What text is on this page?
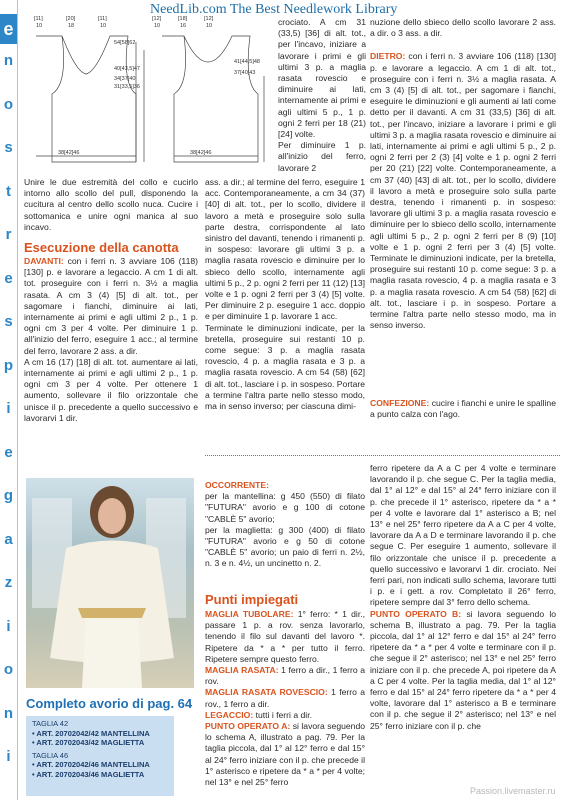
e
n
o
s
t
r
e
s
p
i
e
g
a
z
i
o
n
i
NeedLib.com The Best Needlework Library
[11]
10
[20]
18
[11]
10
[12]
10
[18]
16
[12]
10
54[58]62
40[43,5]47
34[37]40
31[33,5]36
41[44,5]48
37[40]43
38[42]46	38[42]46

Unire le due estremità del collo e cucirlo intorno allo scollo del pull, disponendo la cucitura al centro dello scollo nuca. Cucire i sottomanica e unire ogni manica al suo incavo.

Esecuzione della canotta

DAVANTI: con i ferri n. 3 avviare 106 (118) [130] p. e lavorare a legaccio. A cm 1 di alt. tot. proseguire con i ferri n. 3½ a maglia rasata. A cm 3 (4) [5] di alt. tot., per sagomare i fianchi, diminuire ai lati, internamente ai primi e agli ultimi 2 p., 1 p. ogni cm 3 per 4 volte. Per diminuire 1 p. all'inizio del ferro, eseguire 1 acc.; al termine del ferro, lavorare 2 ass. a dir.

A cm 16 (17) [18] di alt. tot. aumentare ai lati, internamente ai primi e agli ultimi 2 p., 1 p. ogni cm 3 per 4 volte. Per ottenere 1 aumento, sollevare il filo orizzontale che unisce il p. precedente a quello successivo e lavorarvi 1 dir.

crociato. A cm 31 (33,5) [36] di alt. tot., per l'incavo, iniziare a lavorare i primi e gli ultimi 3 p. a maglia rasata rovescio e diminuire ai lati, internamente ai primi e agli ultimi 5 p., 1 p. ogni 2 ferri per 18 (21) [24] volte.

Per diminuire 1 p. all'inizio del ferro, lavorare 2

ass. a dir.; al termine del ferro, eseguire 1 acc. Contemporaneamente, a cm 34 (37) [40] di alt. tot., per lo scollo, dividere il lavoro a metà e proseguire solo sulla parte destra, corrispondente al lato sinistro del davanti, tenendo i rimanenti p. in sospeso: lavorare gli ultimi 3 p. a maglia rasata rovescio e diminuire per lo sbieco dello scollo, internamente agli ultimi 5 p., 2 p. ogni 2 ferri per 11 (12) [13] volte e 1 p. ogni 2 ferri per 3 (4) [5] volte. Per diminuire 2 p. eseguire 1 acc. doppio e per diminuire 1 p. lavorare 1 acc.

Terminate le diminuzioni indicate, per la bretella, proseguire sui restanti 10 p. come segue: 3 p. a maglia rasata rovescio, 4 p. a maglia rasata e 3 p. a maglia rasata rovescio. A cm 54 (58) [62] di alt. tot., lasciare i p. in sospeso. Portare a termine l'altra parte nello stesso modo, ma in senso inverso; per ciascuna dimi-

nuzione dello sbieco dello scollo lavorare 2 ass. a dir. o 3 ass. a dir.

DIETRO: con i ferri n. 3 avviare 106 (118) [130] p. e lavorare a legaccio. A cm 1 di alt. tot., proseguire con i ferri n. 3½ a maglia rasata. A cm 3 (4) [5] di alt. tot., per sagomare i fianchi, eseguire le diminuzioni e gli aumenti ai lati come detto per il davanti. A cm 31 (33,5) [36] di alt. tot., per l'incavo, iniziare a lavorare i primi e gli ultimi 3 p. a maglia rasata rovescio e diminuire ai lati, internamente ai primi e agli ultimi 5 p., 2 p. ogni 2 ferri per 2 (3) [4] volte e 1 p. ogni 2 ferri per 20 (21) [22] volte. Contemporaneamente, a cm 37 (40) [43] di alt. tot., per lo scollo, dividere il lavoro a metà e proseguire solo sulla parte destra, tenendo i rimanenti p. in sospeso: lavorare gli ultimi 3 p. a maglia rasata rovescio e diminuire per lo sbieco dello scollo, internamente agli ultimi 5 p., 2 p. ogni 2 ferri per 8 (9) [10] volte e 1 p. ogni 2 ferri per 3 (4) [5] volte. Terminate le diminuzioni indicate, per la bretella, proseguire sui restanti 10 p. come segue: 3 p. a maglia rasata rovescio, 4 p. a maglia rasata e 3 p. a maglia rasata rovescio. A cm 54 (58) [62] di alt. tot., lasciare i p. in sospeso. Portare a termine l'altra parte nello stesso modo, ma in senso inverso.

CONFEZIONE: cucire i fianchi e unire le spalline a punto calza con l'ago.

Completo avorio di pag. 64
TAGLIA 42
• ART. 20702042/42 MANTELLINA
• ART. 20702043/42 MAGLIETTA
TAGLIA 46
• ART. 20702042/46 MANTELLINA
• ART. 20702043/46 MAGLIETTA

OCCORRENTE:

per la mantellina: g 450 (550) di filato "FUTURA" avorio e g 100 di cotone "CABLÈ 5" avorio;

per la maglietta: g 300 (400) di filato "FUTURA" avorio e g 50 di cotone "CABLÈ 5" avorio; un paio di ferri n. 2½, n. 3 e n. 4½, un uncinetto n. 2.

Punti impiegati

MAGLIA TUBOLARE: 1° ferro: * 1 dir., passare 1 p. a rov. senza lavorarlo, tenendo il filo sul davanti del lavoro *. Ripetere da * a * per tutto il ferro. Ripetere sempre questo ferro.

MAGLIA RASATA: 1 ferro a dir., 1 ferro a rov.

MAGLIA RASATA ROVESCIO: 1 ferro a rov., 1 ferro a dir.

LEGACCIO: tutti i ferri a dir.

PUNTO OPERATO A: si lavora seguendo lo schema A, illustrato a pag. 79. Per la taglia piccola, dal 1° al 12° ferro e dal 15° al 24° ferro iniziare con il p. che precede il 1° asterisco e ripetere da * a * per 4 volte; nel 13° e nel 25° ferro

ferro ripetere da A a C per 4 volte e terminare lavorando il p. che segue C. Per la taglia media, dal 1° al 12° e dal 15° al 24° ferro iniziare con il p. che precede il 1° asterisco, ripetere da * a * per 4 volte e lavorare dal 1° asterisco a B; nel 13° e nel 25° ferro ripetere da A a C per 4 volte, lavorare da A a D e terminare lavorando il p. che segue C. Per eseguire 1 aumento, sollevare il filo orizzontale che unisce il p. precedente a quello successivo e lavorarvi 1 dir. crociato. Nei ferri pari, non indicati sullo schema, lavorare tutti i p. e i gett. a rov. Completato il 26° ferro, ripetere sempre dal 3° ferro dello schema.

PUNTO OPERATO B: si lavora seguendo lo schema B, illustrato a pag. 79. Per la taglia piccola, dal 1° al 12° ferro e dal 15° al 24° ferro ripetere da * a * per 4 volte e terminare con il p. che segue il 2° asterisco; nel 13° e nel 25° ferro iniziare con il p. che precede A, poi ripetere da A a C per 4 volte. Per la taglia media, dal 1° al 12° ferro e dal 15° al 24° ferro ripetere da * a * per 4 volte, lavorare dal 1° asterisco a B e terminare con il p. che segue il 2° asterisco; nel 13° e nel 25° ferro iniziare con il p. che

Passion.livemaster.ru
